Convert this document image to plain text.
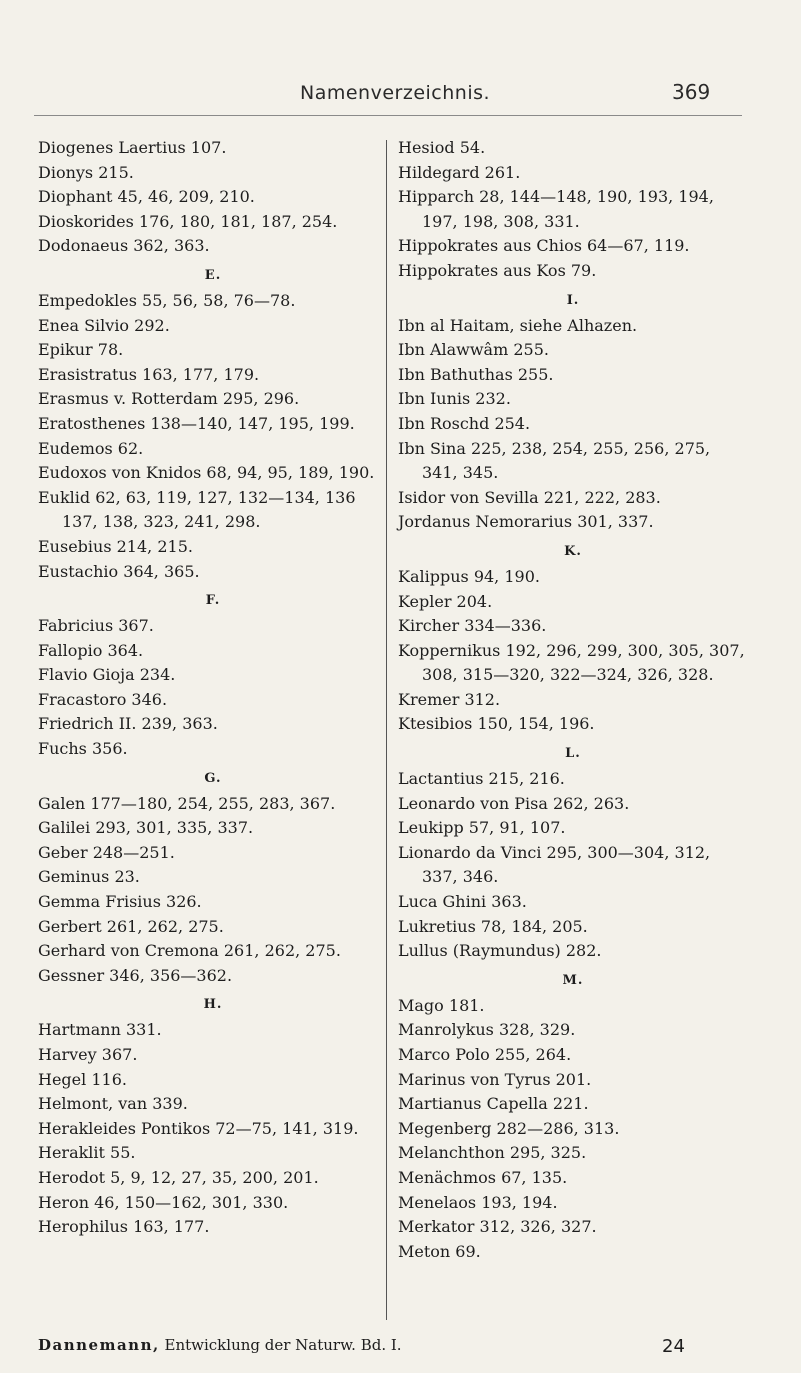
Namenverzeichnis.	369
Diogenes Laertius 107.
Dionys 215.
Diophant 45, 46, 209, 210.
Dioskorides 176, 180, 181, 187, 254.
Dodonaeus 362, 363.
E.
Empedokles 55, 56, 58, 76—78.
Enea Silvio 292.
Epikur 78.
Erasistratus 163, 177, 179.
Erasmus v. Rotterdam 295, 296.
Eratosthenes 138—140, 147, 195, 199.
Eudemos 62.
Eudoxos von Knidos 68, 94, 95, 189, 190.
Euklid 62, 63, 119, 127, 132—134, 136 137, 138, 323, 241, 298.
Eusebius 214, 215.
Eustachio 364, 365.
F.
Fabricius 367.
Fallopio 364.
Flavio Gioja 234.
Fracastoro 346.
Friedrich II. 239, 363.
Fuchs 356.
G.
Galen 177—180, 254, 255, 283, 367.
Galilei 293, 301, 335, 337.
Geber 248—251.
Geminus 23.
Gemma Frisius 326.
Gerbert 261, 262, 275.
Gerhard von Cremona 261, 262, 275.
Gessner 346, 356—362.
H.
Hartmann 331.
Harvey 367.
Hegel 116.
Helmont, van 339.
Herakleides Pontikos 72—75, 141, 319.
Heraklit 55.
Herodot 5, 9, 12, 27, 35, 200, 201.
Heron 46, 150—162, 301, 330.
Herophilus 163, 177.
Hesiod 54.
Hildegard 261.
Hipparch 28, 144—148, 190, 193, 194, 197, 198, 308, 331.
Hippokrates aus Chios 64—67, 119.
Hippokrates aus Kos 79.
I.
Ibn al Haitam, siehe Alhazen.
Ibn Alawwâm 255.
Ibn Bathuthas 255.
Ibn Iunis 232.
Ibn Roschd 254.
Ibn Sina 225, 238, 254, 255, 256, 275, 341, 345.
Isidor von Sevilla 221, 222, 283.
Jordanus Nemorarius 301, 337.
K.
Kalippus 94, 190.
Kepler 204.
Kircher 334—336.
Koppernikus 192, 296, 299, 300, 305, 307, 308, 315—320, 322—324, 326, 328.
Kremer 312.
Ktesibios 150, 154, 196.
L.
Lactantius 215, 216.
Leonardo von Pisa 262, 263.
Leukipp 57, 91, 107.
Lionardo da Vinci 295, 300—304, 312, 337, 346.
Luca Ghini 363.
Lukretius 78, 184, 205.
Lullus (Raymundus) 282.
M.
Mago 181.
Manrolykus 328, 329.
Marco Polo 255, 264.
Marinus von Tyrus 201.
Martianus Capella 221.
Megenberg 282—286, 313.
Melanchthon 295, 325.
Menächmos 67, 135.
Menelaos 193, 194.
Merkator 312, 326, 327.
Meton 69.
Dannemann, Entwicklung der Naturw. Bd. I.	24
